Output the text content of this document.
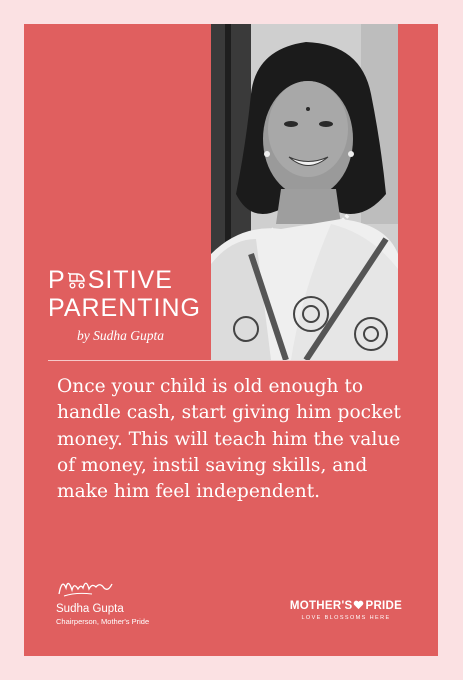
P SITIVE
PARENTING
by Sudha Gupta

Once your child is old enough to handle cash, start giving him pocket money. This will teach him the value of money, instil saving skills, and make him feel independent.

Sudha Gupta
Chairperson, Mother's Pride
MOTHER'S PRIDE
LOVE BLOSSOMS HERE
